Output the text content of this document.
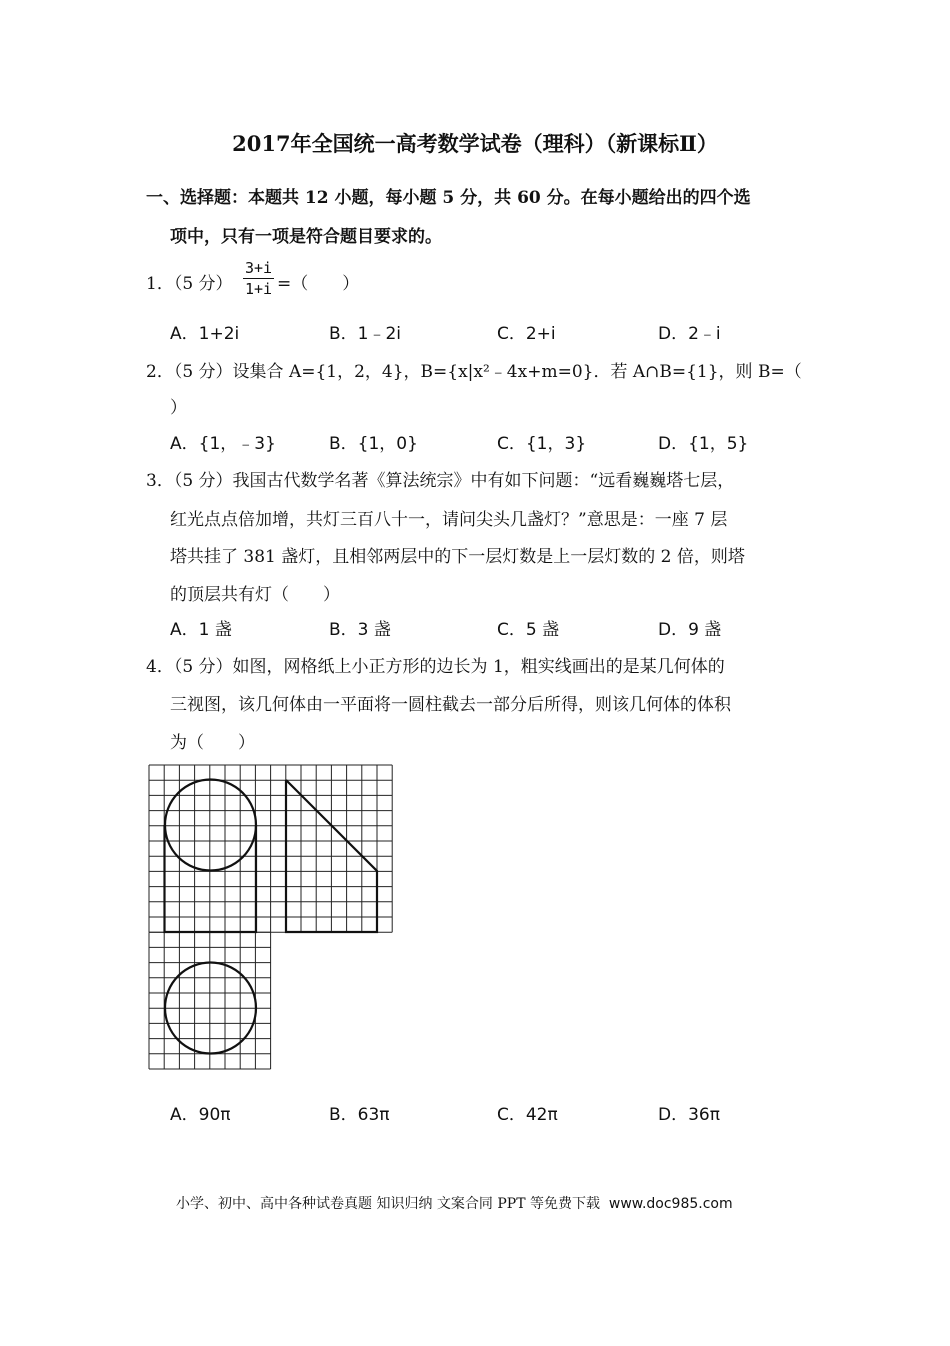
2017年全国统一高考数学试卷（理科）（新课标Ⅱ）
一、选择题：本题共 12 小题，每小题 5 分，共 60 分。在每小题给出的四个选
项中，只有一项是符合题目要求的。
1．（5 分） $\frac{3+i}{1+i}$ =（　　）
A．1+2i	B．1﹣2i	C．2+i	D．2﹣i
2．（5 分）设集合 A={1，2，4}，B={x|x²﹣4x+m=0}．若 A∩B={1}，则 B=（
）
A．{1，﹣3}	B．{1，0}	C．{1，3}	D．{1，5}
3．（5 分）我国古代数学名著《算法统宗》中有如下问题：“远看巍巍塔七层，
红光点点倍加增，共灯三百八十一，请问尖头几盏灯？”意思是：一座 7 层
塔共挂了 381 盏灯，且相邻两层中的下一层灯数是上一层灯数的 2 倍，则塔
的顶层共有灯（　　）
A．1 盏	B．3 盏	C．5 盏	D．9 盏
4．（5 分）如图，网格纸上小正方形的边长为 1，粗实线画出的是某几何体的
三视图，该几何体由一平面将一圆柱截去一部分后所得，则该几何体的体积
为（　　）
A．90π	B．63π	C．42π	D．36π
小学、初中、高中各种试卷真题 知识归纳 文案合同 PPT 等免费下载 www.doc985.com
